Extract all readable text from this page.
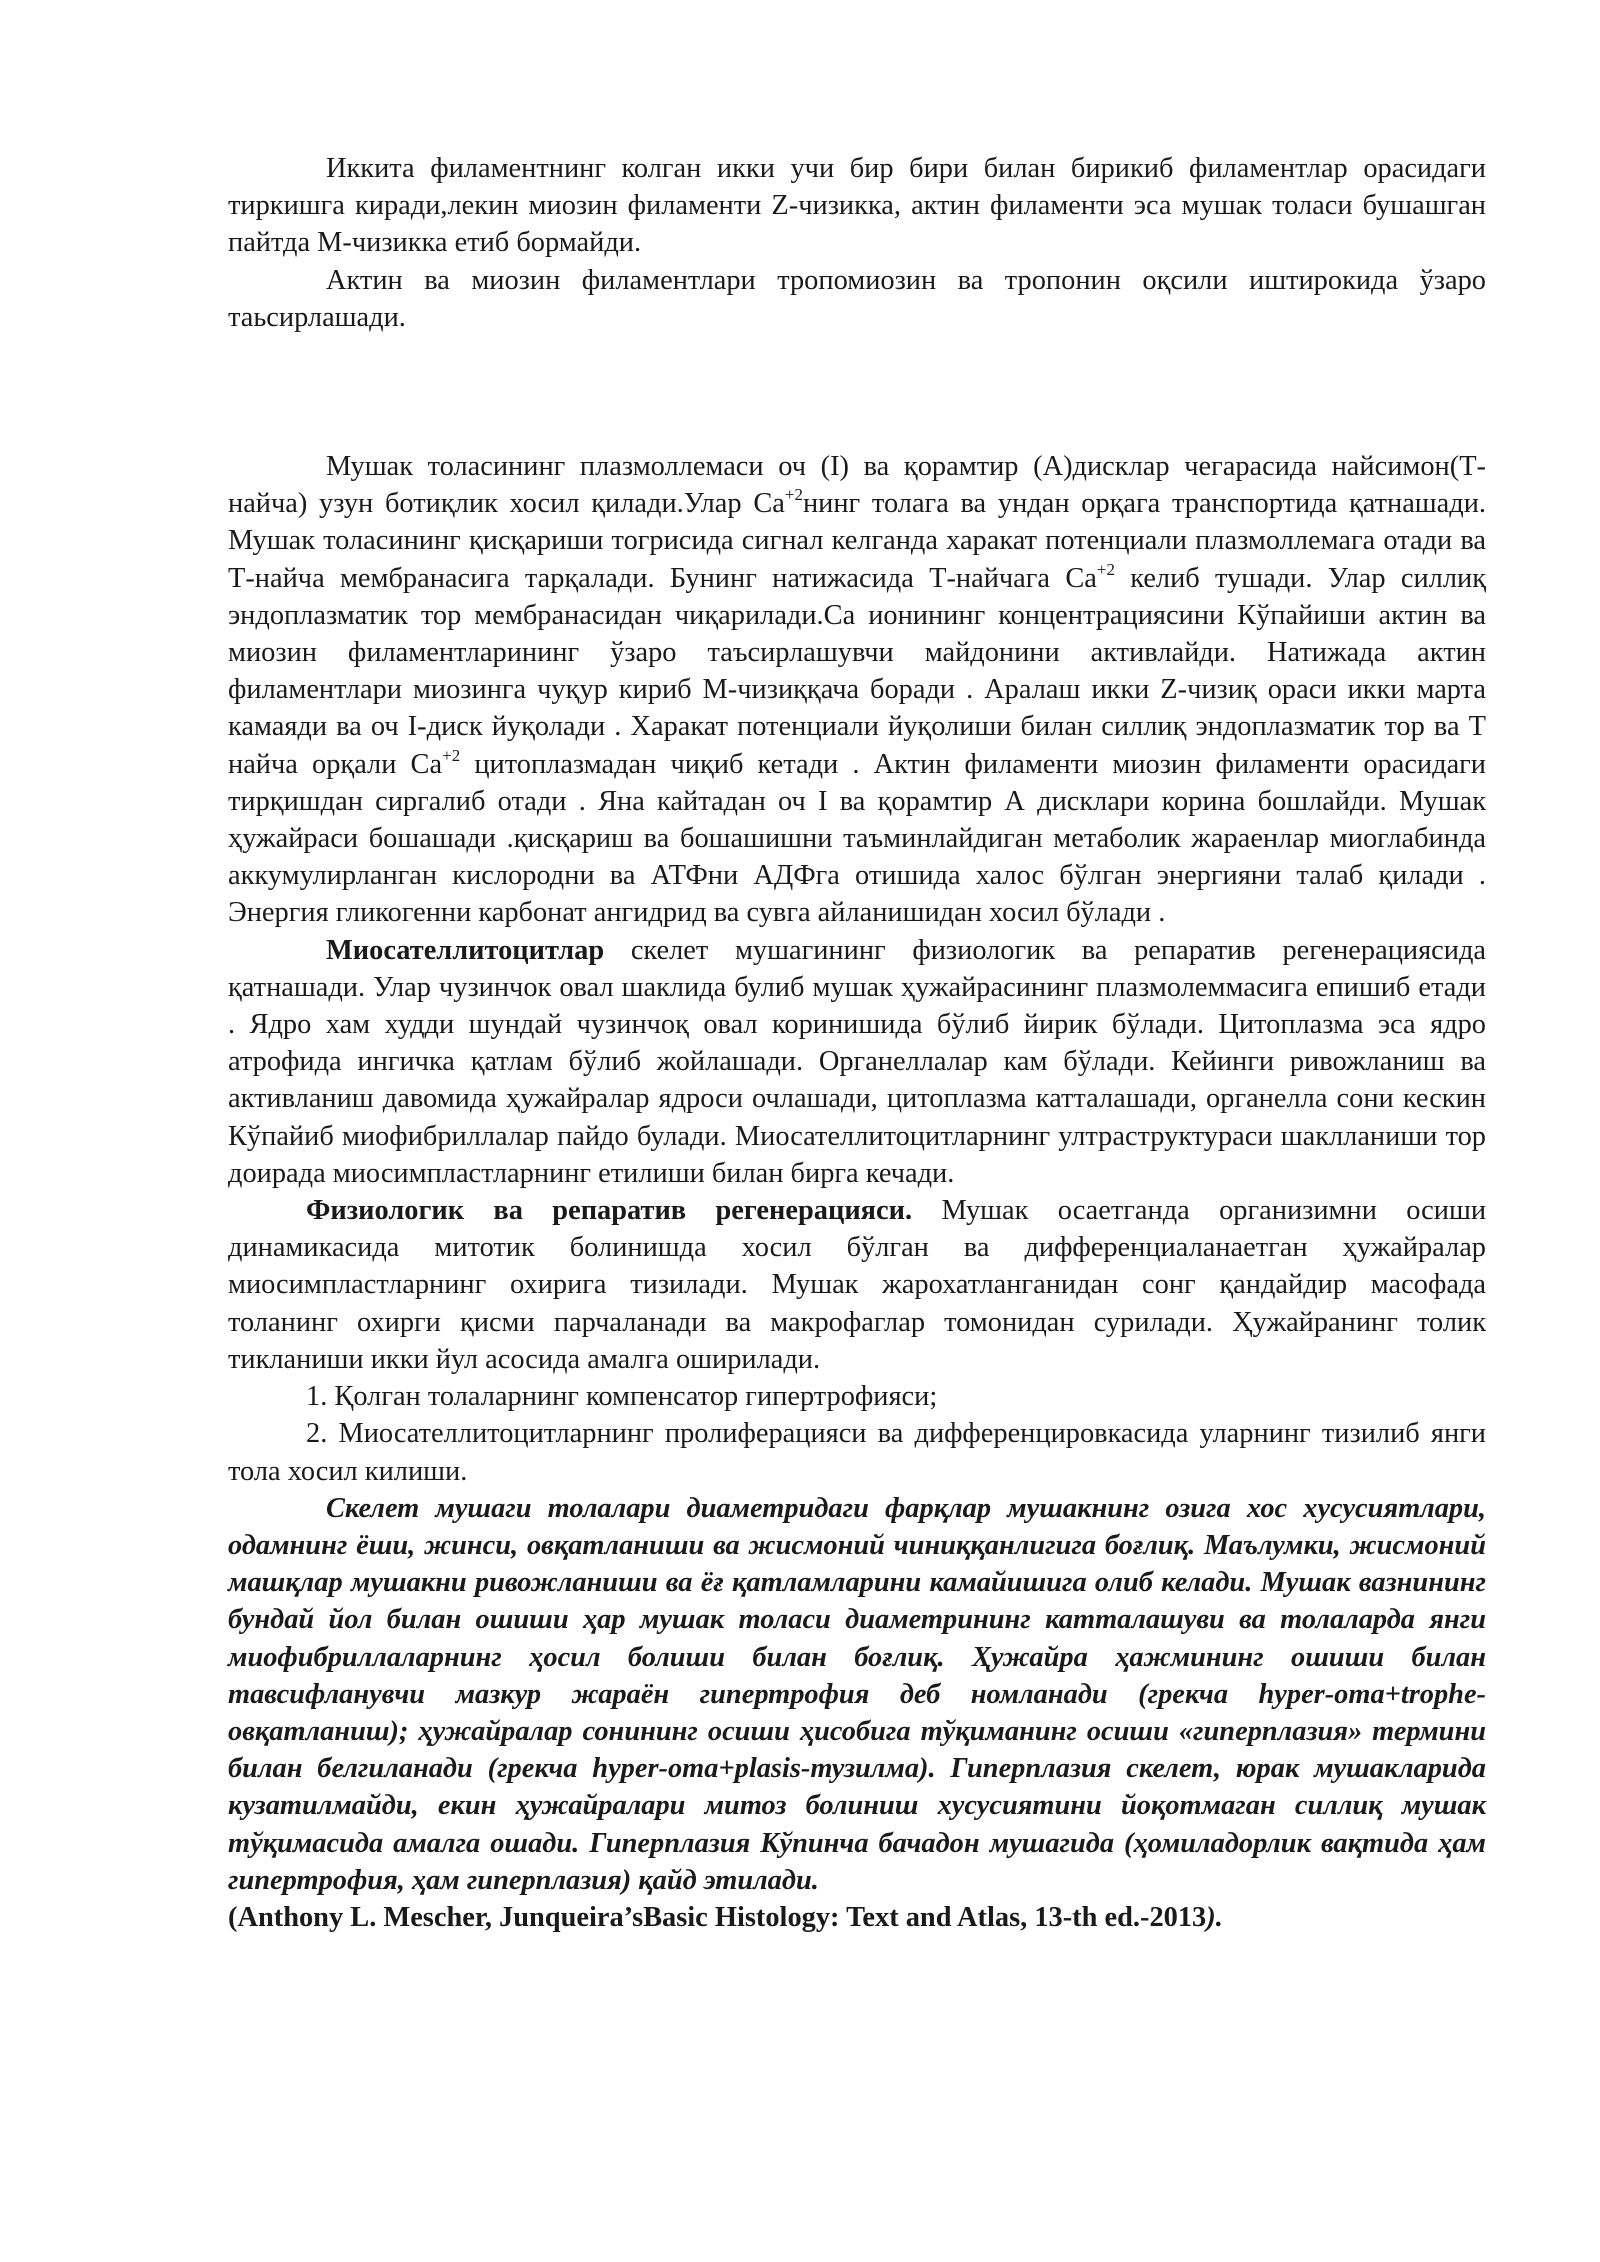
Иккита филаментнинг колган икки учи бир бири билан бирикиб филаментлар орасидаги тиркишга киради,лекин миозин филаменти Z-чизикка, актин филаменти эса мушак толаси бушашган пайтда М-чизикка етиб бормайди.

Актин ва миозин филаментлари тропомиозин ва тропонин оқсили иштирокида ўзаро таьсирлашади.

Мушак толасининг плазмоллемаси оч (I) ва қорамтир (А)дисклар чегарасида найсимон(Т-найча) узун ботиқлик хосил қилади.Улар $Са^{+2}нинг$ толага ва ундан орқага транспортида қатнашади. Мушак толасининг қисқариши тогрисида сигнал келганда харакат потенциали плазмоллемага отади ва Т-найча мембранасига тарқалади. Бунинг натижасида Т-найчага $Са^{+2}$ келиб тушади. Улар силлиқ эндоплазматик тор мембранасидан чиқарилади.Са ионининг концентрациясини Кўпайиши актин ва миозин филаментларининг ўзаро таъсирлашувчи майдонини активлайди. Натижада актин филаментлари миозинга чуқур кириб М-чизиққача боради . Аралаш икки Z-чизиқ ораси икки марта камаяди ва оч I-диск йуқолади . Харакат потенциали йуқолиши билан силлиқ эндоплазматик тор ва Т найча орқали $Са^{+2}$ цитоплазмадан чиқиб кетади . Актин филаменти миозин филаменти орасидаги тирқишдан сиргалиб отади . Яна кайтадан оч I ва қорамтир А дисклари корина бошлайди. Мушак ҳужайраси бошашади .қисқариш ва бошашишни таъминлайдиган метаболик жараенлар миоглабинда аккумулирланган кислородни ва АТФни АДФга отишида халос бўлган энергияни талаб қилади . Энергия гликогенни карбонат ангидрид ва сувга айланишидан хосил бўлади .

Миосателлитоцитлар скелет мушагининг физиологик ва репаратив регенерациясида қатнашади. Улар чузинчок овал шаклида булиб мушак ҳужайрасининг плазмолеммасига епишиб етади . Ядро хам худди шундай чузинчоқ овал коринишида бўлиб йирик бўлади. Цитоплазма эса ядро атрофида ингичка қатлам бўлиб жойлашади. Органеллалар кам бўлади. Кейинги ривожланиш ва активланиш давомида ҳужайралар ядроси очлашади, цитоплазма катталашади, органелла сони кескин Кўпайиб миофибриллалар пайдо булади. Миосателлитоцитларнинг ултраструктураси шаклланиши тор доирада миосимпластларнинг етилиши билан бирга кечади.

Физиологик ва репаратив регенерацияси. Мушак осаетганда организимни осиши динамикасида митотик болинишда хосил бўлган ва дифференциаланаетган ҳужайралар миосимпластларнинг охирига тизилади. Мушак жарохатланганидан сонг қандайдир масофада толанинг охирги қисми парчаланади ва макрофаглар томонидан сурилади. Ҳужайранинг толик тикланиши икки йул асосида амалга оширилади.

1. Қолган толаларнинг компенсатор гипертрофияси;

2. Миосателлитоцитларнинг пролиферацияси ва дифференцировкасида уларнинг тизилиб янги тола хосил килиши.

Скелет мушаги толалари диаметридаги фарқлар мушакнинг озига хос хусусиятлари, одамнинг ёши, жинси, овқатланиши ва жисмоний чиниққанлигига боғлиқ. Маълумки, жисмоний машқлар мушакни ривожланиши ва ёғ қатламларини камайишига олиб келади. Мушак вазнининг бундай йол билан ошиши ҳар мушак толаси диаметрининг катталашуви ва толаларда янги миофибриллаларнинг ҳосил болиши билан боғлиқ. Ҳужайра ҳажмининг ошиши билан тавсифланувчи мазкур жараён гипертрофия деб номланади (грекча hyper-ота+trophe-овқатланиш); ҳужайралар сонининг осиши ҳисобига тўқиманинг осиши «гиперплазия» термини билан белгиланади (грекча hyper-ота+plasis-тузилма). Гиперплазия скелет, юрак мушакларида кузатилмайди, екин ҳужайралари митоз болиниш хусусиятини йоқотмаган силлиқ мушак тўқимасида амалга ошади. Гиперплазия Кўпинча бачадон мушагида (ҳомиладорлик вақтида ҳам гипертрофия, ҳам гиперплазия) қайд этилади.

(Anthony L. Mescher, Junqueira’sBasic Histology: Text and Atlas, 13-th ed.-2013).
